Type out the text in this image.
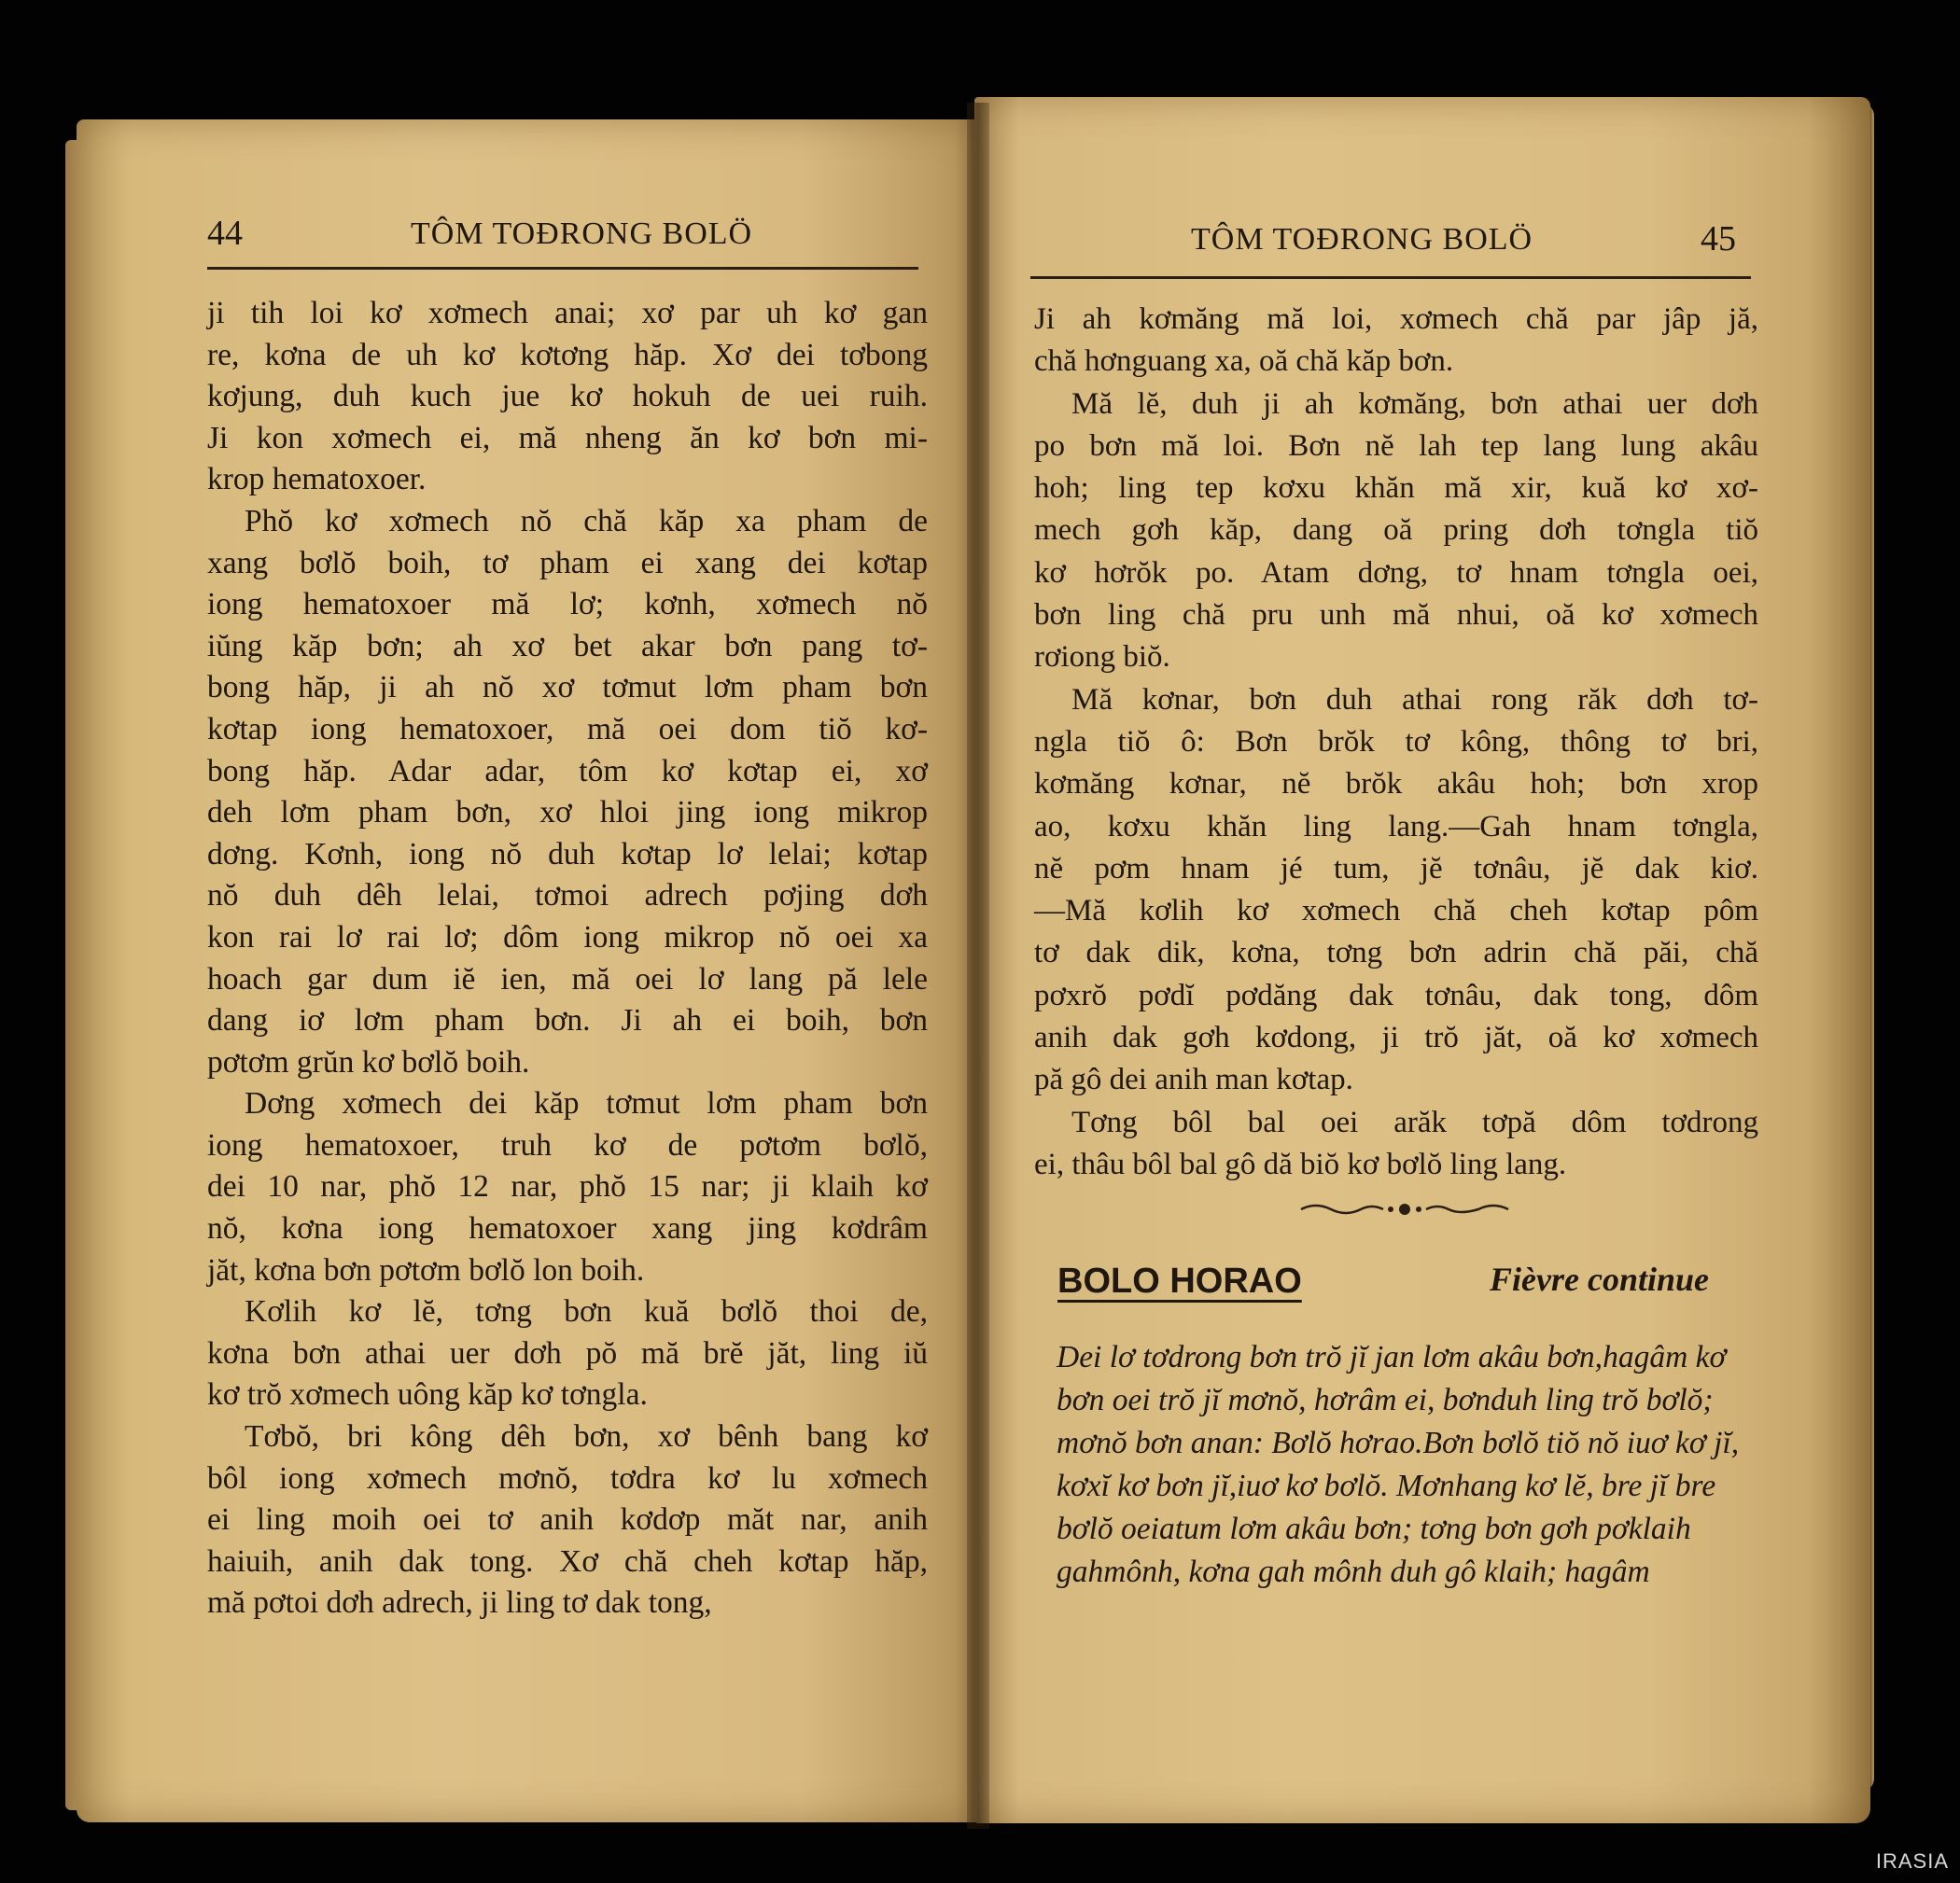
44	TÔM TOĐRONG BOLÖ
ji tih loi kơ xơmech anai; xơ par uh kơ gan
re, kơna de uh kơ kơtơng hăp. Xơ dei tơbong
kơjung, duh kuch jue kơ hokuh de uei ruih.
Ji kon xơmech ei, mă nheng ăn kơ bơn mi-
krop hematoxoer.
Phŏ kơ xơmech nŏ chă kăp xa pham de
xang bơlŏ boih, tơ pham ei xang dei kơtap
iong hematoxoer mă lơ; kơnh, xơmech nŏ
iŭng kăp bơn; ah xơ bet akar bơn pang tơ-
bong hăp, ji ah nŏ xơ tơmut lơm pham bơn
kơtap iong hematoxoer, mă oei dom tiŏ kơ-
bong hăp. Adar adar, tôm kơ kơtap ei, xơ
deh lơm pham bơn, xơ hloi jing iong mikrop
dơng. Kơnh, iong nŏ duh kơtap lơ lelai; kơtap
nŏ duh dêh lelai, tơmoi adrech pơjing dơh
kon rai lơ rai lơ; dôm iong mikrop nŏ oei xa
hoach gar dum iĕ ien, mă oei lơ lang pă lele
dang iơ lơm pham bơn. Ji ah ei boih, bơn
pơtơm grŭn kơ bơlŏ boih.
Dơng xơmech dei kăp tơmut lơm pham bơn
iong hematoxoer, truh kơ de pơtơm bơlŏ,
dei 10 nar, phŏ 12 nar, phŏ 15 nar; ji klaih kơ
nŏ, kơna iong hematoxoer xang jing kơdrâm
jăt, kơna bơn pơtơm bơlŏ lon boih.
Kơlih kơ lĕ, tơng bơn kuă bơlŏ thoi de,
kơna bơn athai uer dơh pŏ mă brĕ jăt, ling iŭ
kơ trŏ xơmech uông kăp kơ tơngla.
Tơbŏ, bri kông dêh bơn, xơ bênh bang kơ
bôl iong xơmech mơnŏ, tơdra kơ lu xơmech
ei ling moih oei tơ anih kơdơp măt nar, anih
haiuih, anih dak tong. Xơ chă cheh kơtap hăp,
mă pơtoi dơh adrech, ji ling tơ dak tong,
TÔM TOĐRONG BOLÖ	45
Ji ah kơmăng mă loi, xơmech chă par jâp jă,
chă hơnguang xa, oă chă kăp bơn.
Mă lĕ, duh ji ah kơmăng, bơn athai uer dơh
po bơn mă loi. Bơn nĕ lah tep lang lung akâu
hoh; ling tep kơxu khăn mă xir, kuă kơ xơ-
mech gơh kăp, dang oă pring dơh tơngla tiŏ
kơ hơrŏk po. Atam dơng, tơ hnam tơngla oei,
bơn ling chă pru unh mă nhui, oă kơ xơmech
rơiong biŏ.
Mă kơnar, bơn duh athai rong răk dơh tơ-
ngla tiŏ ô: Bơn brŏk tơ kông, thông tơ bri,
kơmăng kơnar, nĕ brŏk akâu hoh; bơn xrop
ao, kơxu khăn ling lang.—Gah hnam tơngla,
nĕ pơm hnam jé tum, jĕ tơnâu, jĕ dak kiơ.
—Mă kơlih kơ xơmech chă cheh kơtap pôm
tơ dak dik, kơna, tơng bơn adrin chă păi, chă
pơxrŏ pơdĭ pơdăng dak tơnâu, dak tong, dôm
anih dak gơh kơdong, ji trŏ jăt, oă kơ xơmech
pă gô dei anih man kơtap.
Tơng bôl bal oei arăk tơpă dôm tơdrong
ei, thâu bôl bal gô dă biŏ kơ bơlŏ ling lang.
BOLO HORAO	Fièvre continue
Dei lơ tơdrong bơn trŏ jĭ jan lơm akâu bơn,hagâm kơ bơn oei trŏ jĭ mơnŏ, hơrâm ei, bơnduh ling trŏ bơlŏ; mơnŏ bơn anan: Bơlŏ hơrao.Bơn bơlŏ tiŏ nŏ iuơ kơ jĭ, kơxĭ kơ bơn jĭ,iuơ kơ bơlŏ. Mơnhang kơ lĕ, bre jĭ bre bơlŏ oeiatum lơm akâu bơn; tơng bơn gơh pơklaih gahmônh, kơna gah mônh duh gô klaih; hagâm
IRASIA
